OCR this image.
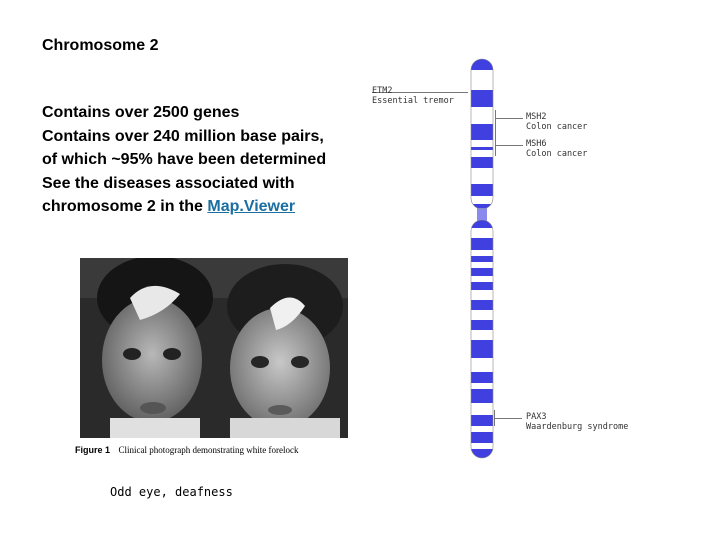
Chromosome 2

Contains over 2500 genes

Contains over 240 million base pairs, of which ~95% have been determined

See the diseases associated with chromosome 2 in the Map.Viewer

Figure 1 Clinical photograph demonstrating white forelock
Odd eye, deafness
ETM2
Essential tremor
MSH2
Colon cancer
MSH6
Colon cancer
PAX3
Waardenburg syndrome
